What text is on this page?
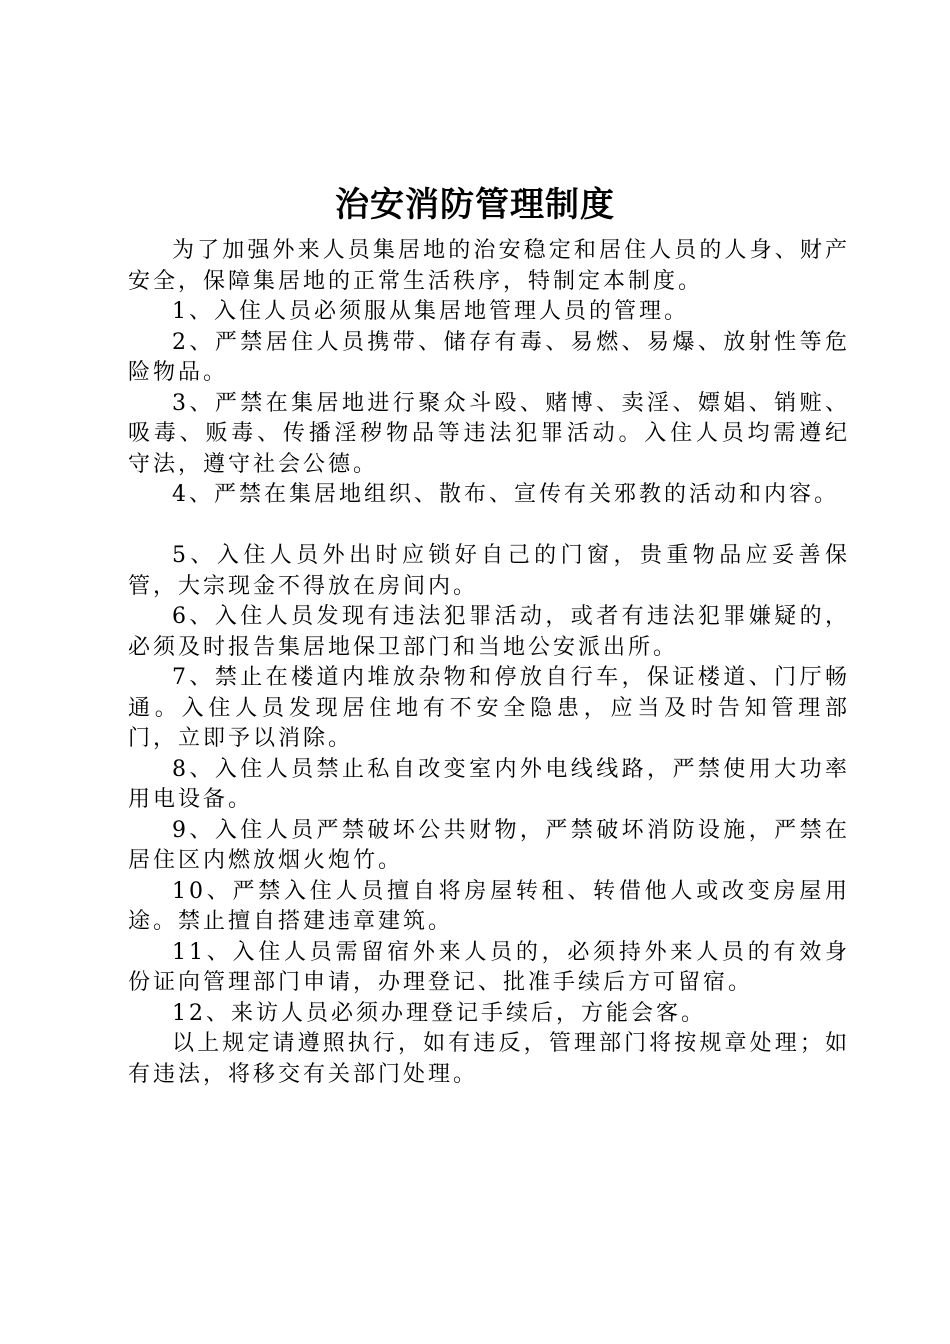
治安消防管理制度

为了加强外来人员集居地的治安稳定和居住人员的人身、财产安全，保障集居地的正常生活秩序，特制定本制度。

1、入住人员必须服从集居地管理人员的管理。

2、严禁居住人员携带、储存有毒、易燃、易爆、放射性等危险物品。

3、严禁在集居地进行聚众斗殴、赌博、卖淫、嫖娼、销赃、吸毒、贩毒、传播淫秽物品等违法犯罪活动。入住人员均需遵纪守法，遵守社会公德。

4、严禁在集居地组织、散布、宣传有关邪教的活动和内容。

5、入住人员外出时应锁好自己的门窗，贵重物品应妥善保管，大宗现金不得放在房间内。

6、入住人员发现有违法犯罪活动，或者有违法犯罪嫌疑的，必须及时报告集居地保卫部门和当地公安派出所。

7、禁止在楼道内堆放杂物和停放自行车，保证楼道、门厅畅通。入住人员发现居住地有不安全隐患，应当及时告知管理部门，立即予以消除。

8、入住人员禁止私自改变室内外电线线路，严禁使用大功率用电设备。

9、入住人员严禁破坏公共财物，严禁破坏消防设施，严禁在居住区内燃放烟火炮竹。

10、严禁入住人员擅自将房屋转租、转借他人或改变房屋用途。禁止擅自搭建违章建筑。

11、入住人员需留宿外来人员的，必须持外来人员的有效身份证向管理部门申请，办理登记、批准手续后方可留宿。

12、来访人员必须办理登记手续后，方能会客。

以上规定请遵照执行，如有违反，管理部门将按规章处理；如有违法，将移交有关部门处理。
